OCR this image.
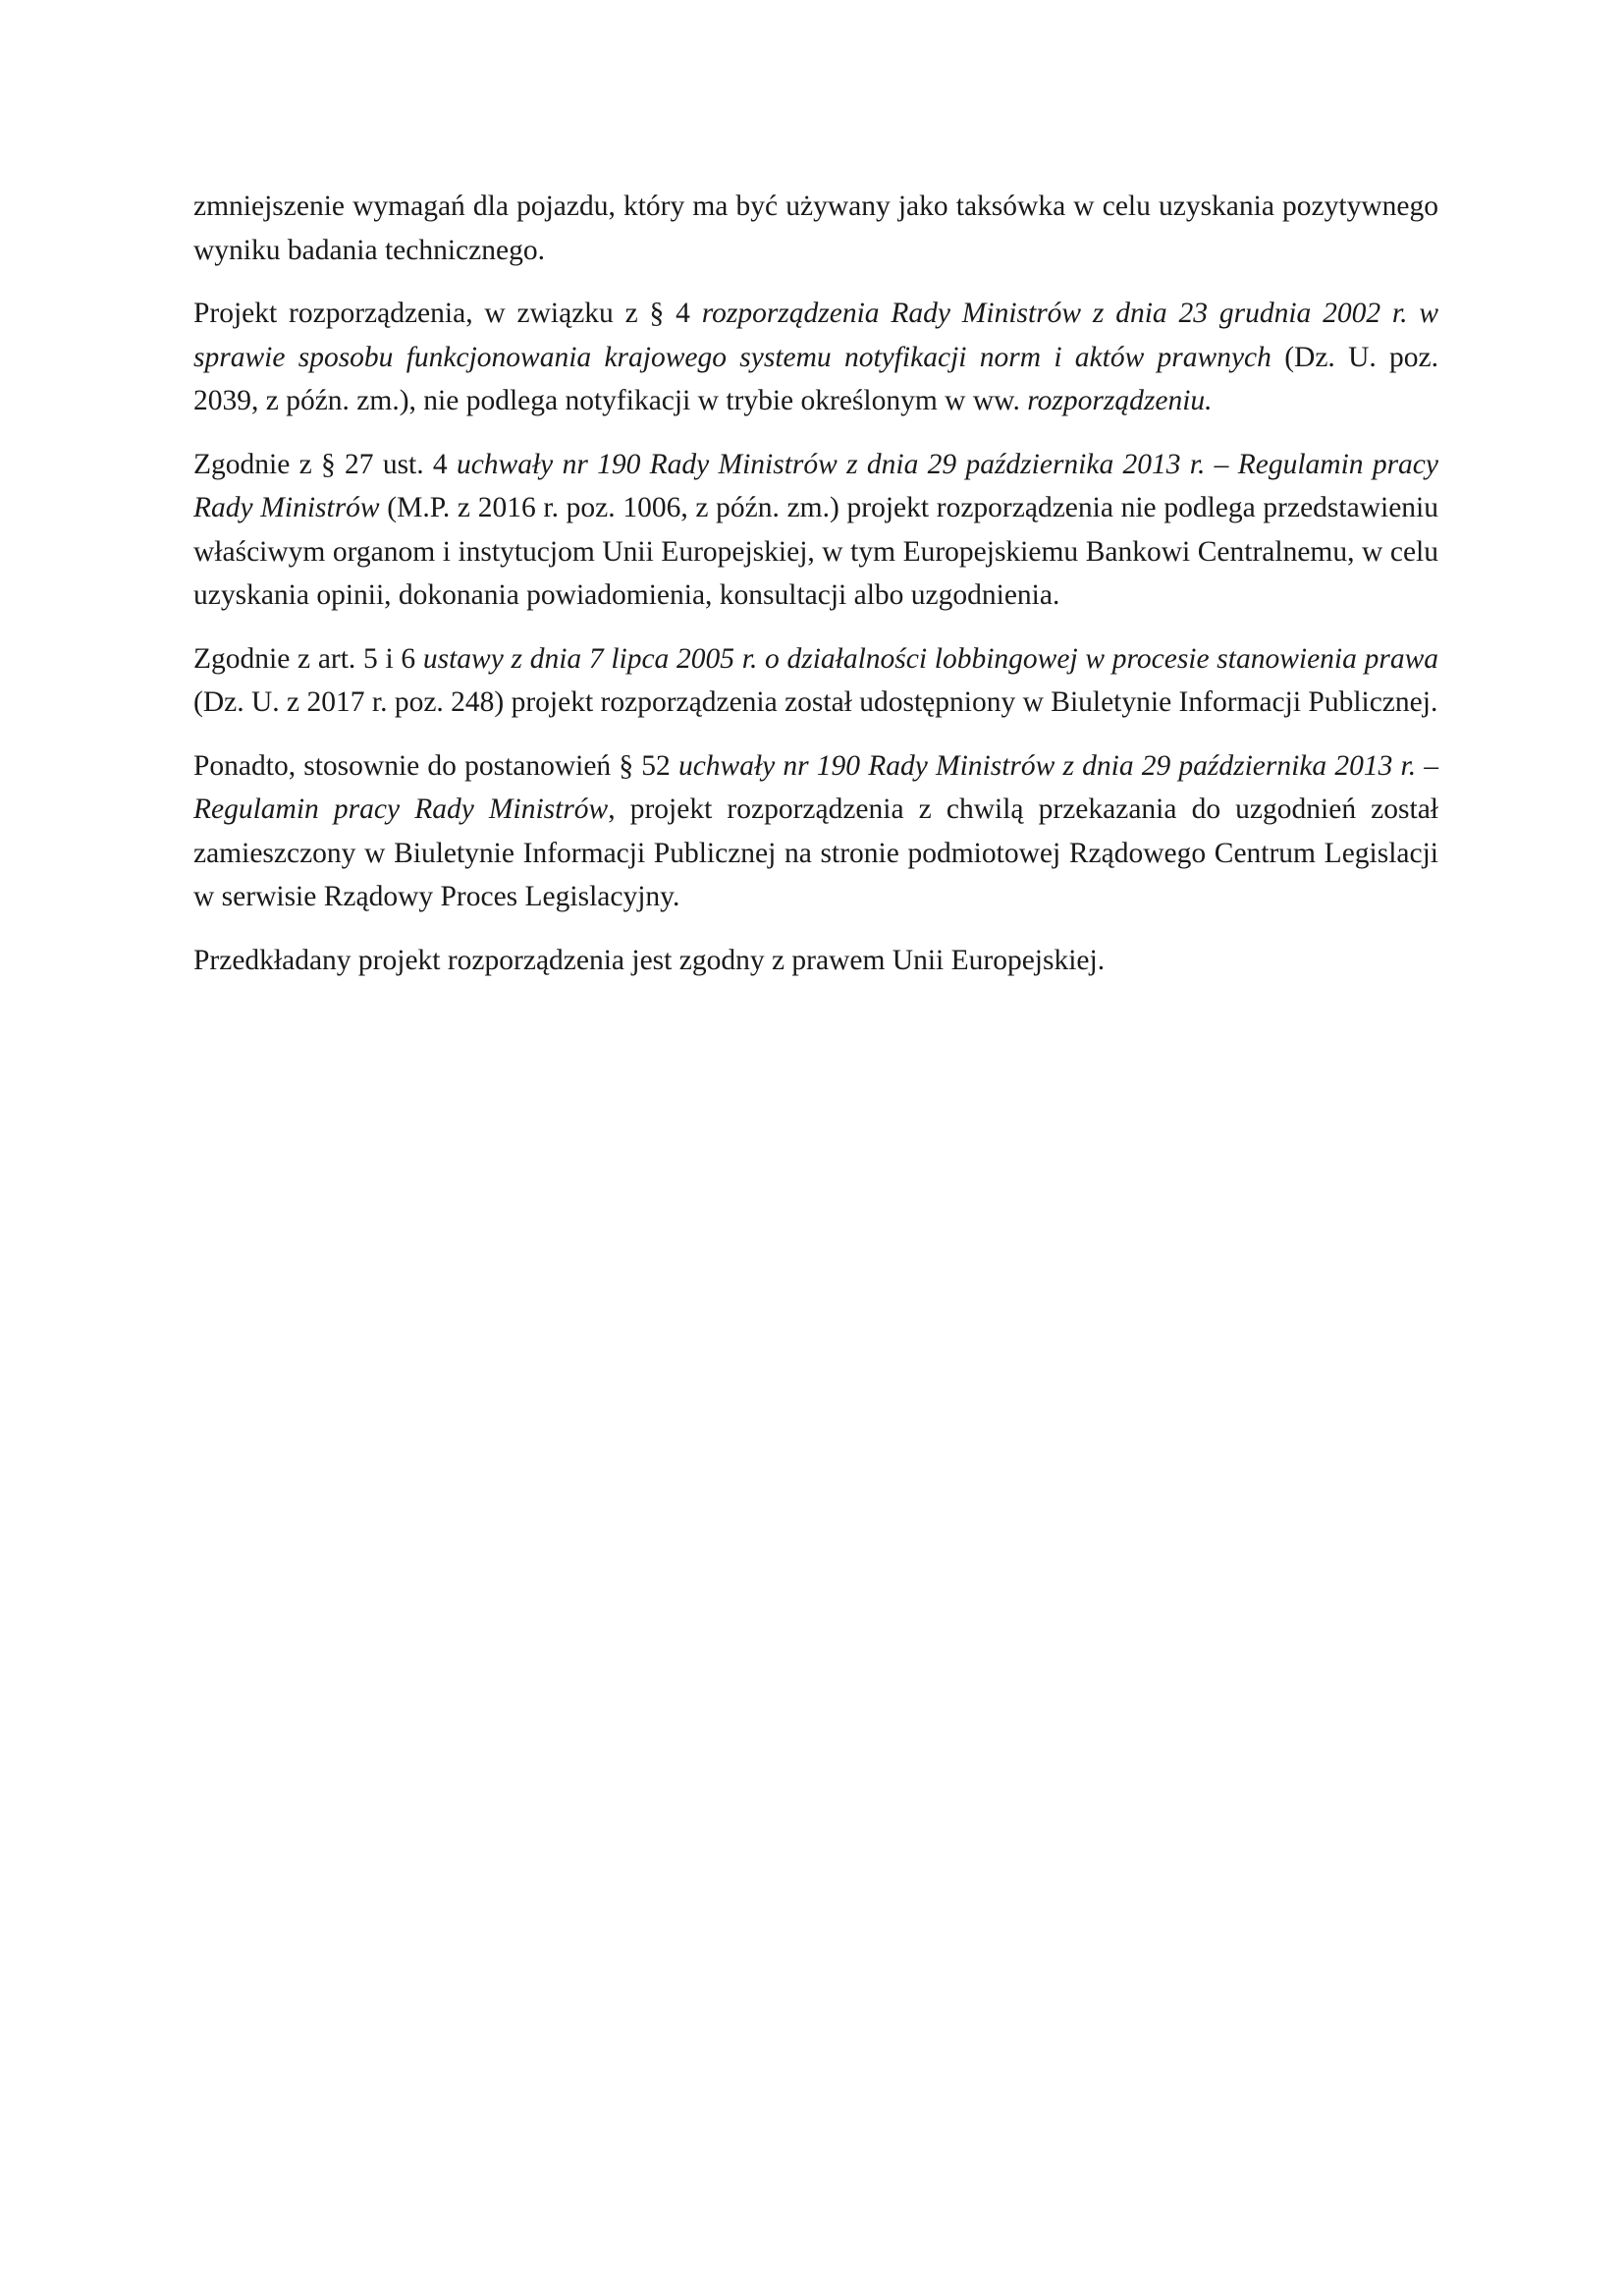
zmniejszenie wymagań dla pojazdu, który ma być używany jako taksówka w celu uzyskania pozytywnego wyniku badania technicznego.

Projekt rozporządzenia, w związku z § 4 rozporządzenia Rady Ministrów z dnia 23 grudnia 2002 r. w sprawie sposobu funkcjonowania krajowego systemu notyfikacji norm i aktów prawnych (Dz. U. poz. 2039, z późn. zm.), nie podlega notyfikacji w trybie określonym w ww. rozporządzeniu.

Zgodnie z § 27 ust. 4 uchwały nr 190 Rady Ministrów z dnia 29 października 2013 r. – Regulamin pracy Rady Ministrów (M.P. z 2016 r. poz. 1006, z późn. zm.) projekt rozporządzenia nie podlega przedstawieniu właściwym organom i instytucjom Unii Europejskiej, w tym Europejskiemu Bankowi Centralnemu, w celu uzyskania opinii, dokonania powiadomienia, konsultacji albo uzgodnienia.

Zgodnie z art. 5 i 6 ustawy z dnia 7 lipca 2005 r. o działalności lobbingowej w procesie stanowienia prawa (Dz. U. z 2017 r. poz. 248) projekt rozporządzenia został udostępniony w Biuletynie Informacji Publicznej.

Ponadto, stosownie do postanowień § 52 uchwały nr 190 Rady Ministrów z dnia 29 października 2013 r. – Regulamin pracy Rady Ministrów, projekt rozporządzenia z chwilą przekazania do uzgodnień został zamieszczony w Biuletynie Informacji Publicznej na stronie podmiotowej Rządowego Centrum Legislacji w serwisie Rządowy Proces Legislacyjny.

Przedkładany projekt rozporządzenia jest zgodny z prawem Unii Europejskiej.
